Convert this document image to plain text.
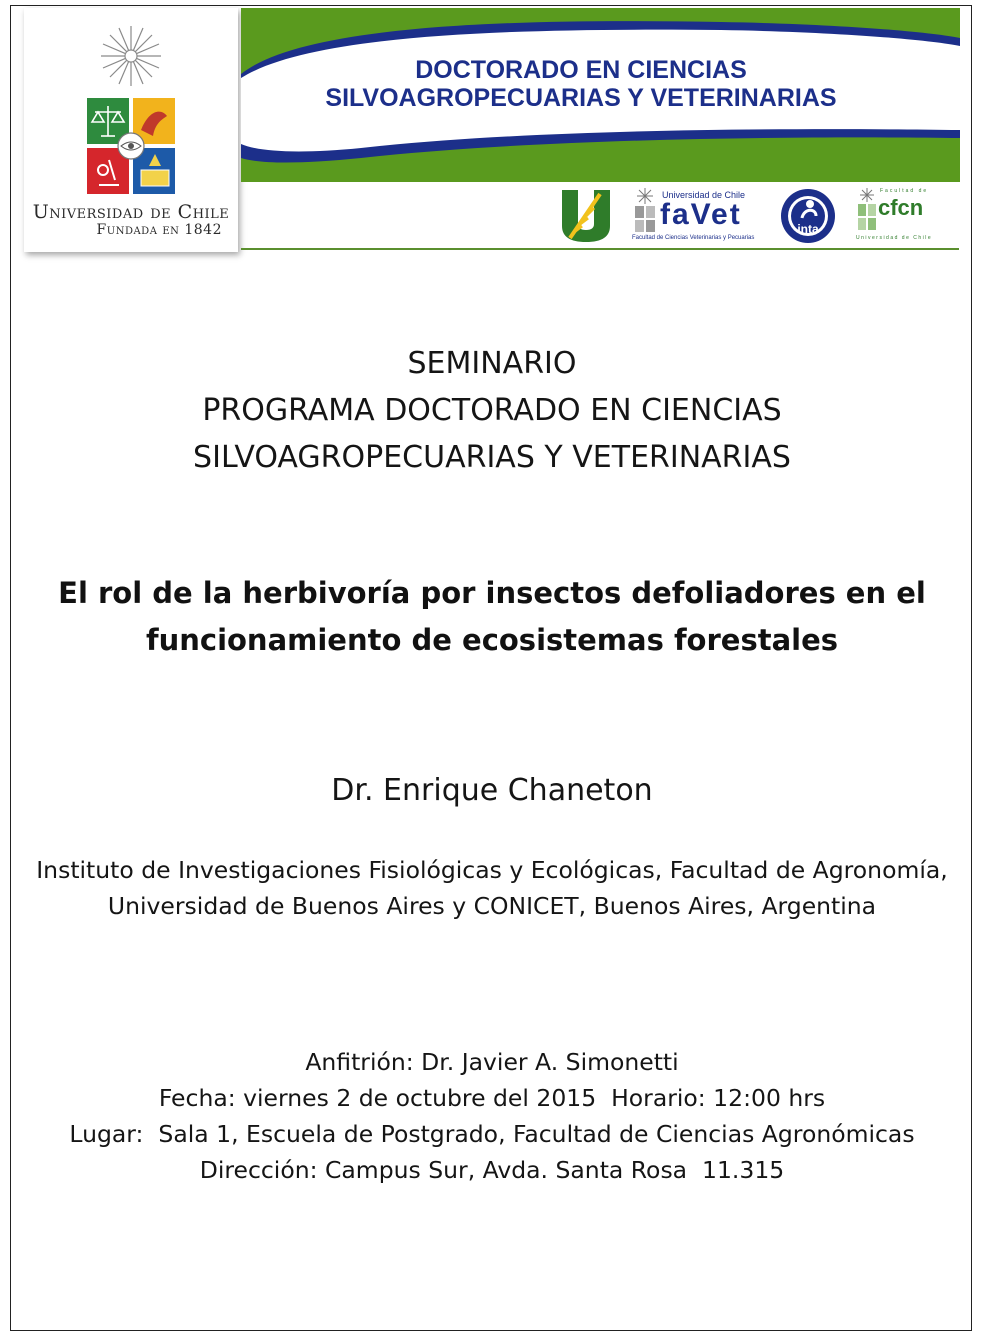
Universidad de Chile
Fundada en 1842
DOCTORADO EN CIENCIAS
SILVOAGROPECUARIAS Y VETERINARIAS
Universidad de Chile
faVet
Facultad de Ciencias Veterinarias y Pecuarias
inta
Facultad de
cfcn
Universidad de Chile
SEMINARIO
PROGRAMA DOCTORADO EN CIENCIAS
SILVOAGROPECUARIAS Y VETERINARIAS
El rol de la herbivoría por insectos defoliadores en el
funcionamiento de ecosistemas forestales
Dr. Enrique Chaneton
Instituto de Investigaciones Fisiológicas y Ecológicas, Facultad de Agronomía,
Universidad de Buenos Aires y CONICET, Buenos Aires, Argentina
Anfitrión: Dr. Javier A. Simonetti
Fecha: viernes 2 de octubre del 2015  Horario: 12:00 hrs
Lugar:  Sala 1, Escuela de Postgrado, Facultad de Ciencias Agronómicas
Dirección: Campus Sur, Avda. Santa Rosa  11.315
